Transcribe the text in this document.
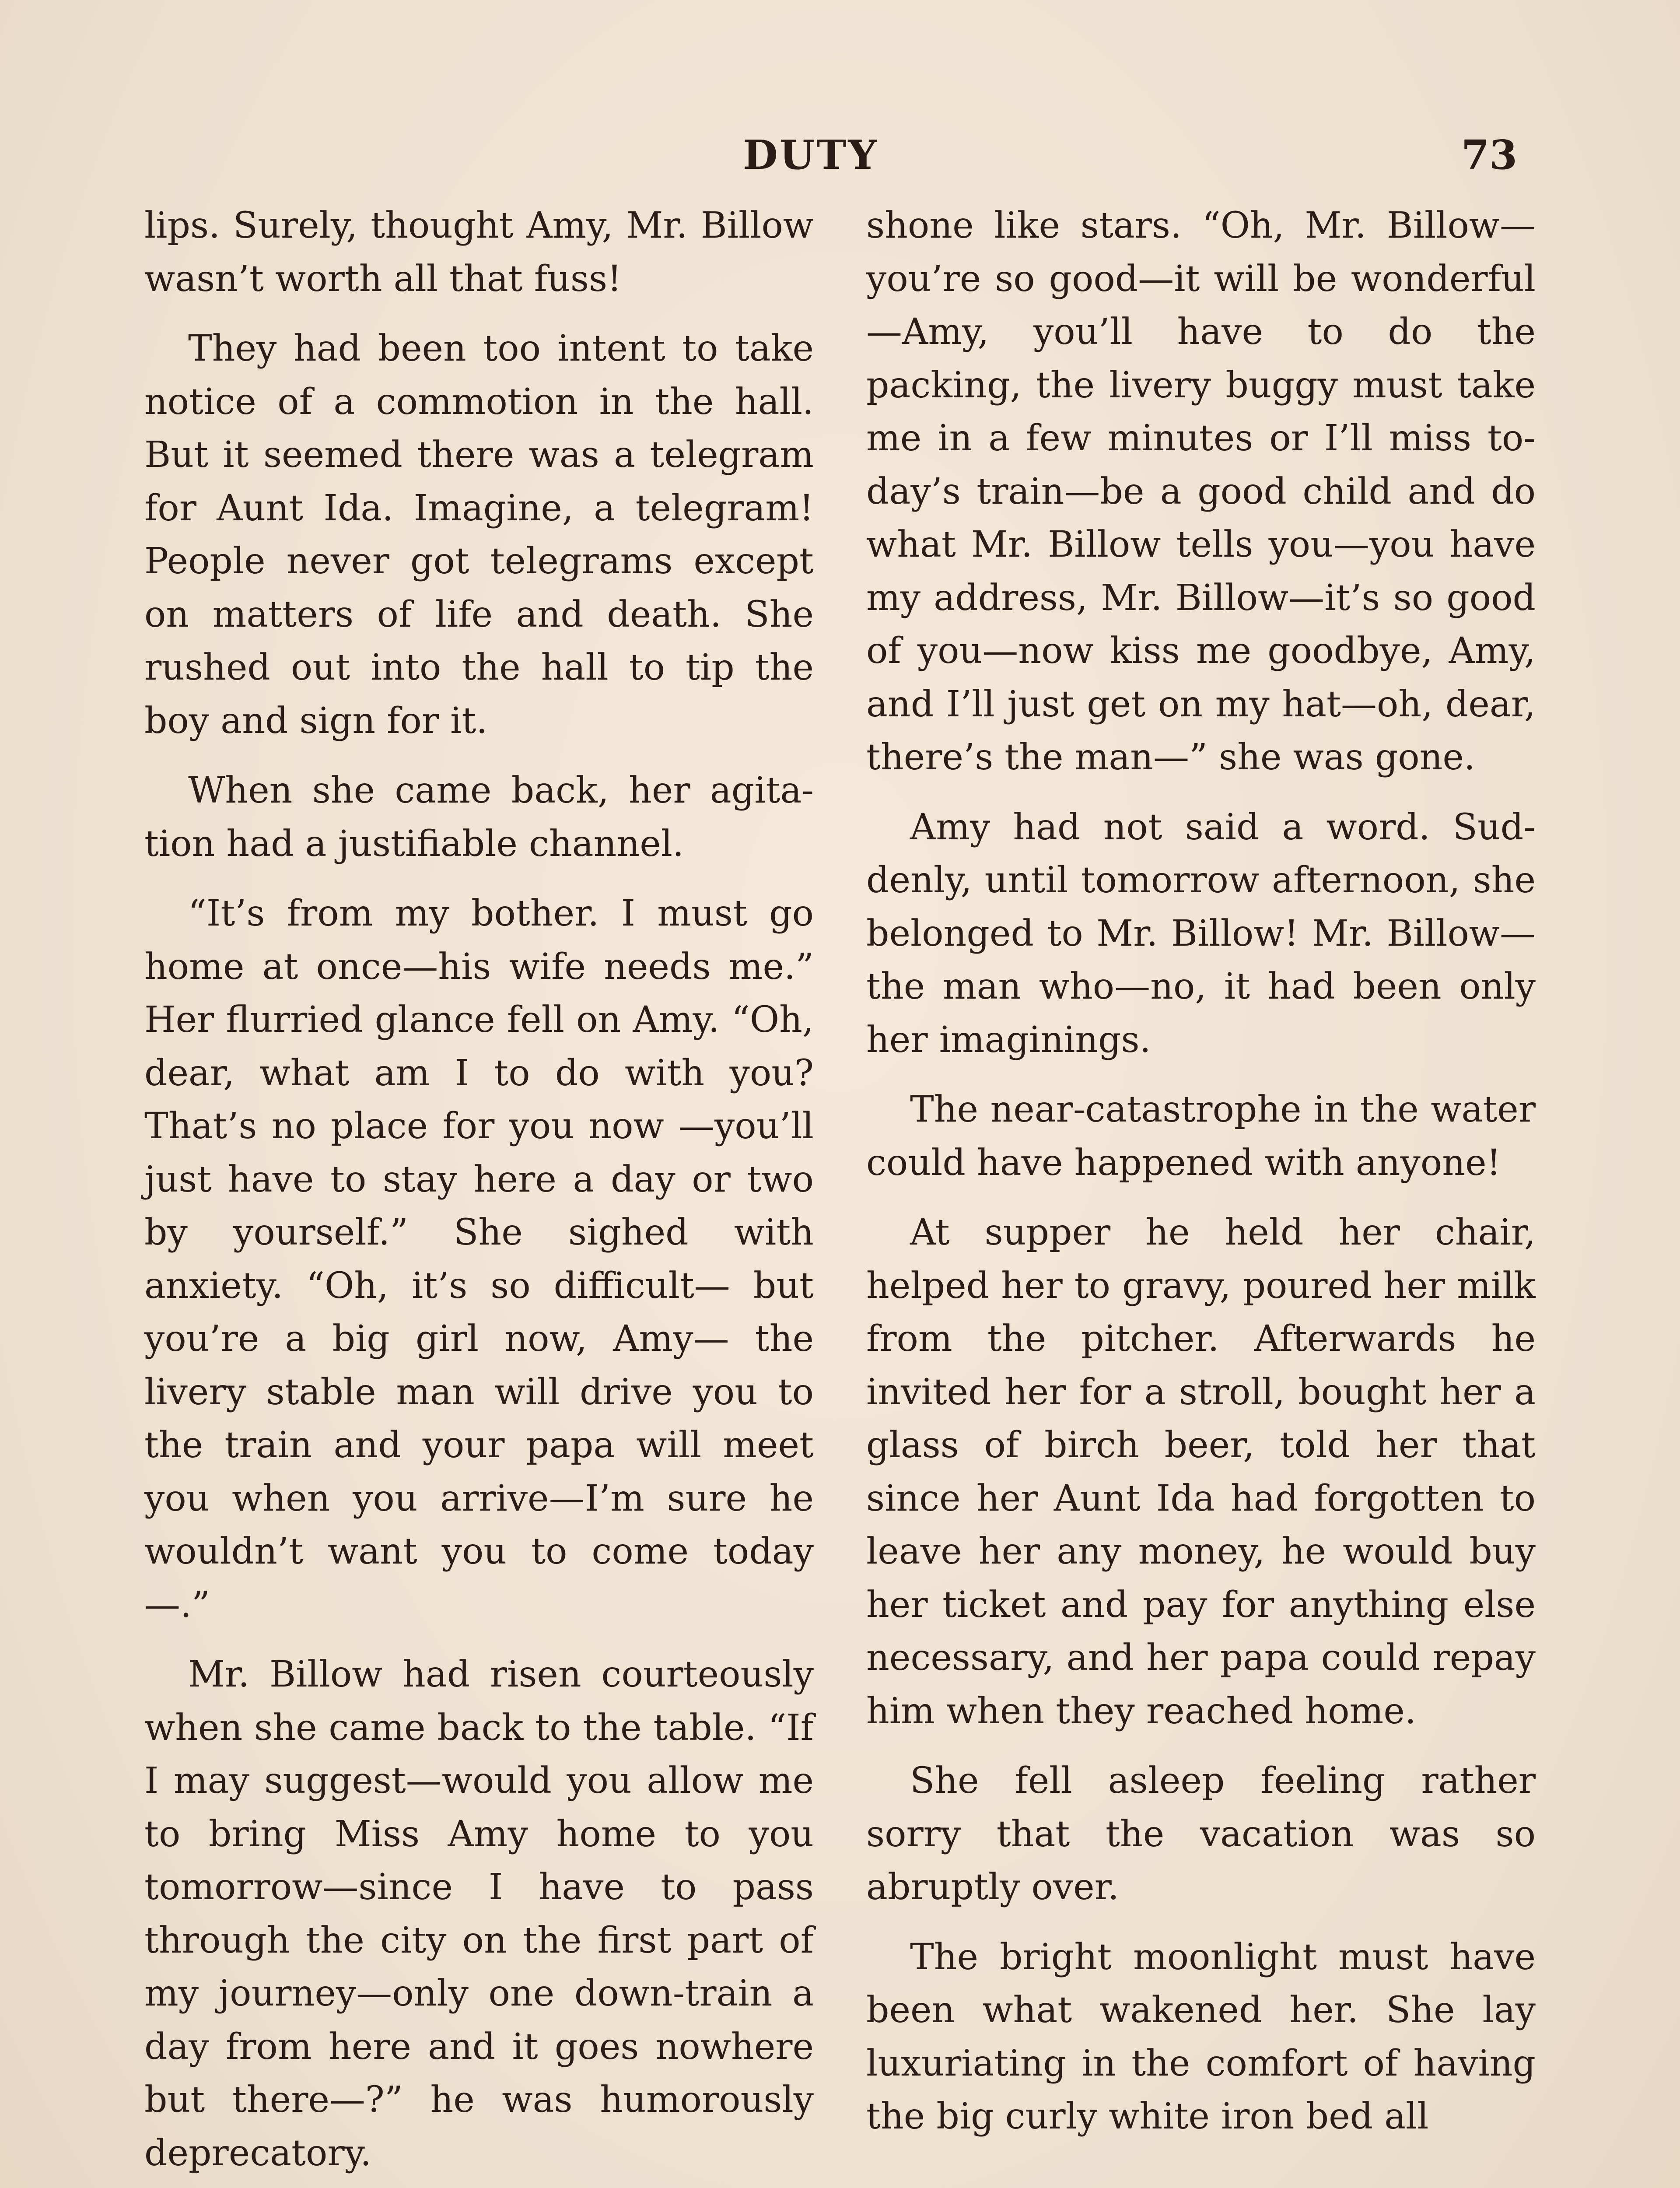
DUTY	73

lips. Surely, thought Amy, Mr. Billow wasn’t worth all that fuss!

They had been too intent to take notice of a commotion in the hall. But it seemed there was a telegram for Aunt Ida. Imagine, a telegram! People never got telegrams except on matters of life and death. She rushed out into the hall to tip the boy and sign for it.

When she came back, her agitation had a justifiable channel.

“It’s from my bother. I must go home at once—his wife needs me.” Her flurried glance fell on Amy. “Oh, dear, what am I to do with you? That’s no place for you now —you’ll just have to stay here a day or two by yourself.” She sighed with anxiety. “Oh, it’s so difficult— but you’re a big girl now, Amy— the livery stable man will drive you to the train and your papa will meet you when you arrive—I’m sure he wouldn’t want you to come today—.”

Mr. Billow had risen courteously when she came back to the table. “If I may suggest—would you allow me to bring Miss Amy home to you tomorrow—since I have to pass through the city on the first part of my journey—only one down-train a day from here and it goes nowhere but there—?” he was humorously deprecatory.

shone like stars. “Oh, Mr. Billow— you’re so good—it will be wonderful—Amy, you’ll have to do the packing, the livery buggy must take me in a few minutes or I’ll miss today’s train—be a good child and do what Mr. Billow tells you—you have my address, Mr. Billow—it’s so good of you—now kiss me goodbye, Amy, and I’ll just get on my hat—oh, dear, there’s the man—” she was gone.

Amy had not said a word. Suddenly, until tomorrow afternoon, she belonged to Mr. Billow! Mr. Billow—the man who—no, it had been only her imaginings.

The near-catastrophe in the water could have happened with anyone!

At supper he held her chair, helped her to gravy, poured her milk from the pitcher. Afterwards he invited her for a stroll, bought her a glass of birch beer, told her that since her Aunt Ida had forgotten to leave her any money, he would buy her ticket and pay for anything else necessary, and her papa could repay him when they reached home.

She fell asleep feeling rather sorry that the vacation was so abruptly over.

The bright moonlight must have been what wakened her. She lay luxuriating in the comfort of having the big curly white iron bed all
